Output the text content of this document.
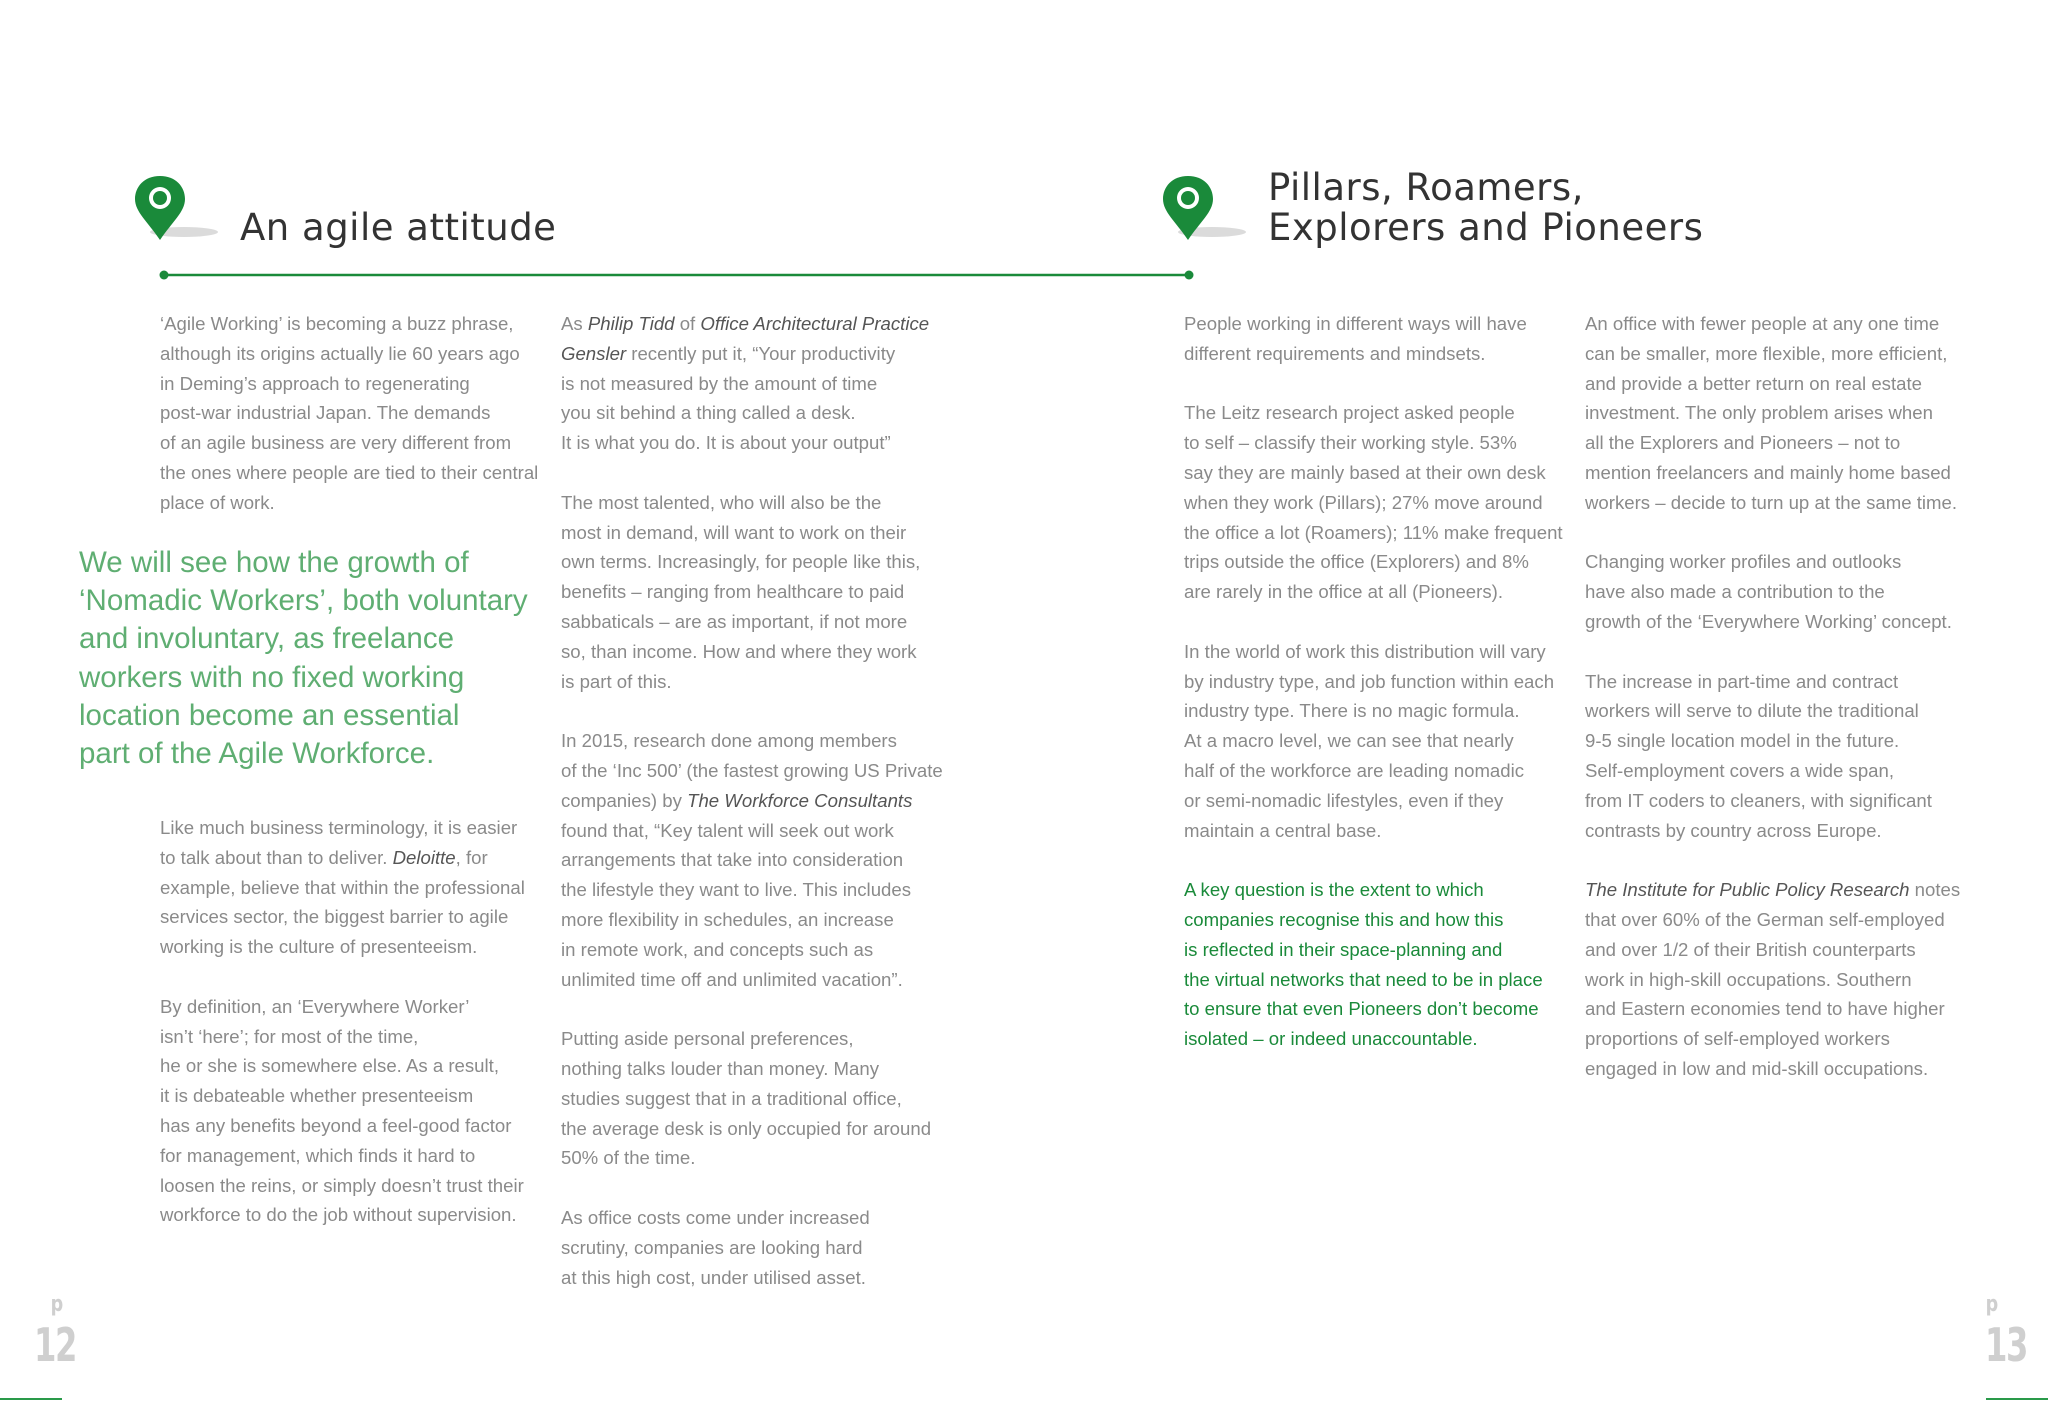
An agile attitude
Pillars, Roamers,
Explorers and Pioneers

‘Agile Working’ is becoming a buzz phrase,
although its origins actually lie 60 years ago
in Deming’s approach to regenerating
post-war industrial Japan. The demands
of an agile business are very different from
the ones where people are tied to their central
place of work.

We will see how the growth of
‘Nomadic Workers’, both voluntary
and involuntary, as freelance
workers with no fixed working
location become an essential
part of the Agile Workforce.

Like much business terminology, it is easier
to talk about than to deliver. Deloitte, for
example, believe that within the professional
services sector, the biggest barrier to agile
working is the culture of presenteeism.

By definition, an ‘Everywhere Worker’
isn’t ‘here’; for most of the time,
he or she is somewhere else. As a result,
it is debateable whether presenteeism
has any benefits beyond a feel-good factor
for management, which finds it hard to
loosen the reins, or simply doesn’t trust their
workforce to do the job without supervision.

As Philip Tidd of Office Architectural Practice
Gensler recently put it, “Your productivity
is not measured by the amount of time
you sit behind a thing called a desk.
It is what you do. It is about your output”

The most talented, who will also be the
most in demand, will want to work on their
own terms. Increasingly, for people like this,
benefits – ranging from healthcare to paid
sabbaticals – are as important, if not more
so, than income. How and where they work
is part of this.

In 2015, research done among members
of the ‘Inc 500’ (the fastest growing US Private
companies) by The Workforce Consultants
found that, “Key talent will seek out work
arrangements that take into consideration
the lifestyle they want to live. This includes
more flexibility in schedules, an increase
in remote work, and concepts such as
unlimited time off and unlimited vacation”.

Putting aside personal preferences,
nothing talks louder than money. Many
studies suggest that in a traditional office,
the average desk is only occupied for around
50% of the time.

As office costs come under increased
scrutiny, companies are looking hard
at this high cost, under utilised asset.

People working in different ways will have
different requirements and mindsets.

The Leitz research project asked people
to self – classify their working style. 53%
say they are mainly based at their own desk
when they work (Pillars); 27% move around
the office a lot (Roamers); 11% make frequent
trips outside the office (Explorers) and 8%
are rarely in the office at all (Pioneers).

In the world of work this distribution will vary
by industry type, and job function within each
industry type. There is no magic formula.
At a macro level, we can see that nearly
half of the workforce are leading nomadic
or semi-nomadic lifestyles, even if they
maintain a central base.

A key question is the extent to which
companies recognise this and how this
is reflected in their space-planning and
the virtual networks that need to be in place
to ensure that even Pioneers don’t become
isolated – or indeed unaccountable.

An office with fewer people at any one time
can be smaller, more flexible, more efficient,
and provide a better return on real estate
investment. The only problem arises when
all the Explorers and Pioneers – not to
mention freelancers and mainly home based
workers – decide to turn up at the same time.

Changing worker profiles and outlooks
have also made a contribution to the
growth of the ‘Everywhere Working’ concept.

The increase in part-time and contract
workers will serve to dilute the traditional
9-5 single location model in the future.
Self-employment covers a wide span,
from IT coders to cleaners, with significant
contrasts by country across Europe.

The Institute for Public Policy Research notes
that over 60% of the German self-employed
and over 1/2 of their British counterparts
work in high-skill occupations. Southern
and Eastern economies tend to have higher
proportions of self-employed workers
engaged in low and mid-skill occupations.

p
12
p
13
